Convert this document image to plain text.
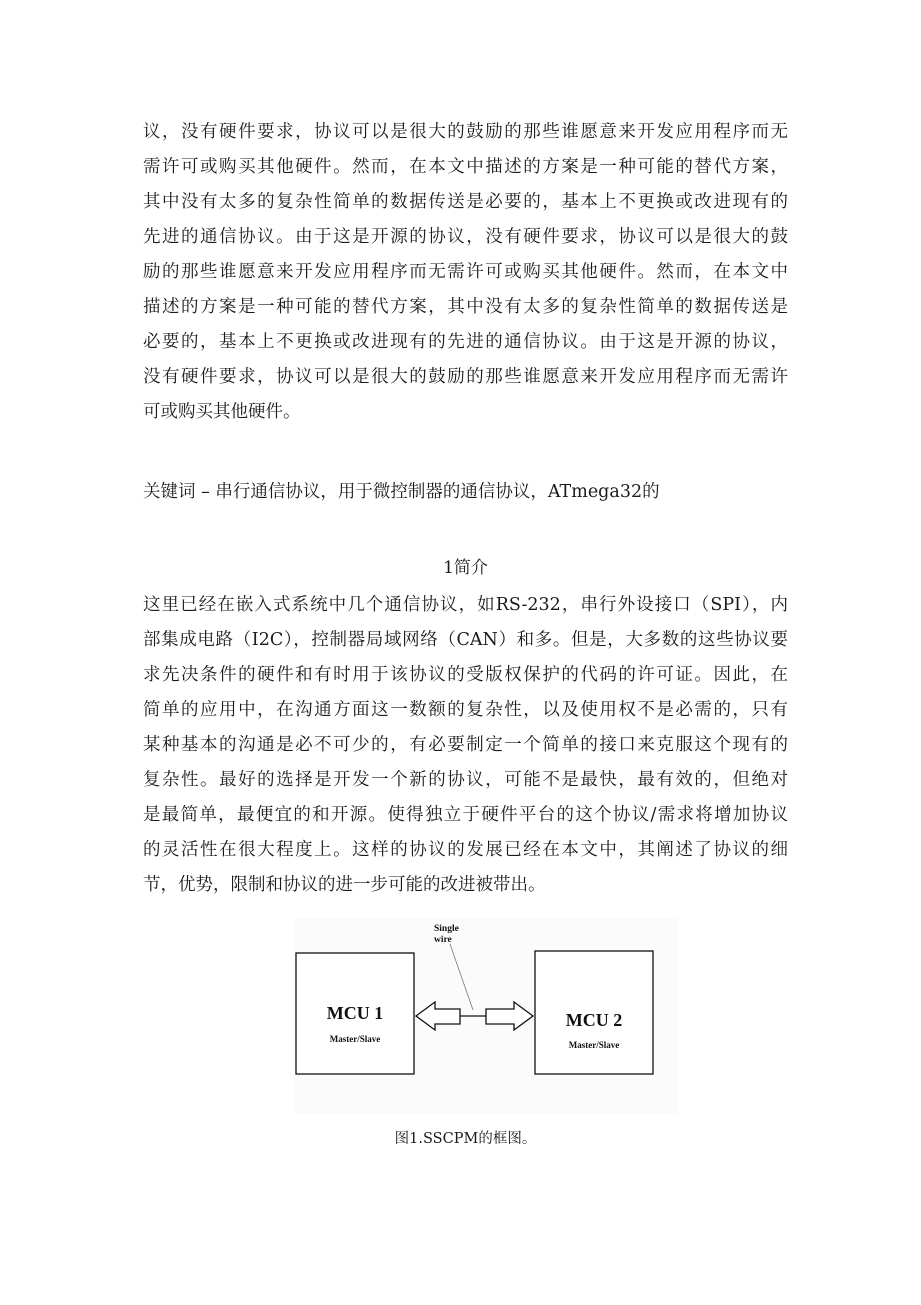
议，没有硬件要求，协议可以是很大的鼓励的那些谁愿意来开发应用程序而无
需许可或购买其他硬件。然而，在本文中描述的方案是一种可能的替代方案，
其中没有太多的复杂性简单的数据传送是必要的，基本上不更换或改进现有的
先进的通信协议。由于这是开源的协议，没有硬件要求，协议可以是很大的鼓
励的那些谁愿意来开发应用程序而无需许可或购买其他硬件。然而，在本文中
描述的方案是一种可能的替代方案，其中没有太多的复杂性简单的数据传送是
必要的，基本上不更换或改进现有的先进的通信协议。由于这是开源的协议，
没有硬件要求，协议可以是很大的鼓励的那些谁愿意来开发应用程序而无需许
可或购买其他硬件。
关键词 – 串行通信协议，用于微控制器的通信协议，ATmega32的
1简介
这里已经在嵌入式系统中几个通信协议，如RS-232，串行外设接口（SPI），内
部集成电路（I2C），控制器局域网络（CAN）和多。但是，大多数的这些协议要
求先决条件的硬件和有时用于该协议的受版权保护的代码的许可证。因此，在
简单的应用中，在沟通方面这一数额的复杂性，以及使用权不是必需的，只有
某种基本的沟通是必不可少的，有必要制定一个简单的接口来克服这个现有的
复杂性。最好的选择是开发一个新的协议，可能不是最快，最有效的，但绝对
是最简单，最便宜的和开源。使得独立于硬件平台的这个协议/需求将增加协议
的灵活性在很大程度上。这样的协议的发展已经在本文中，其阐述了协议的细
节，优势，限制和协议的进一步可能的改进被带出。
MCU 1
Master/Slave
MCU 2
Master/Slave
Single
wire
图1.SSCPM的框图。
